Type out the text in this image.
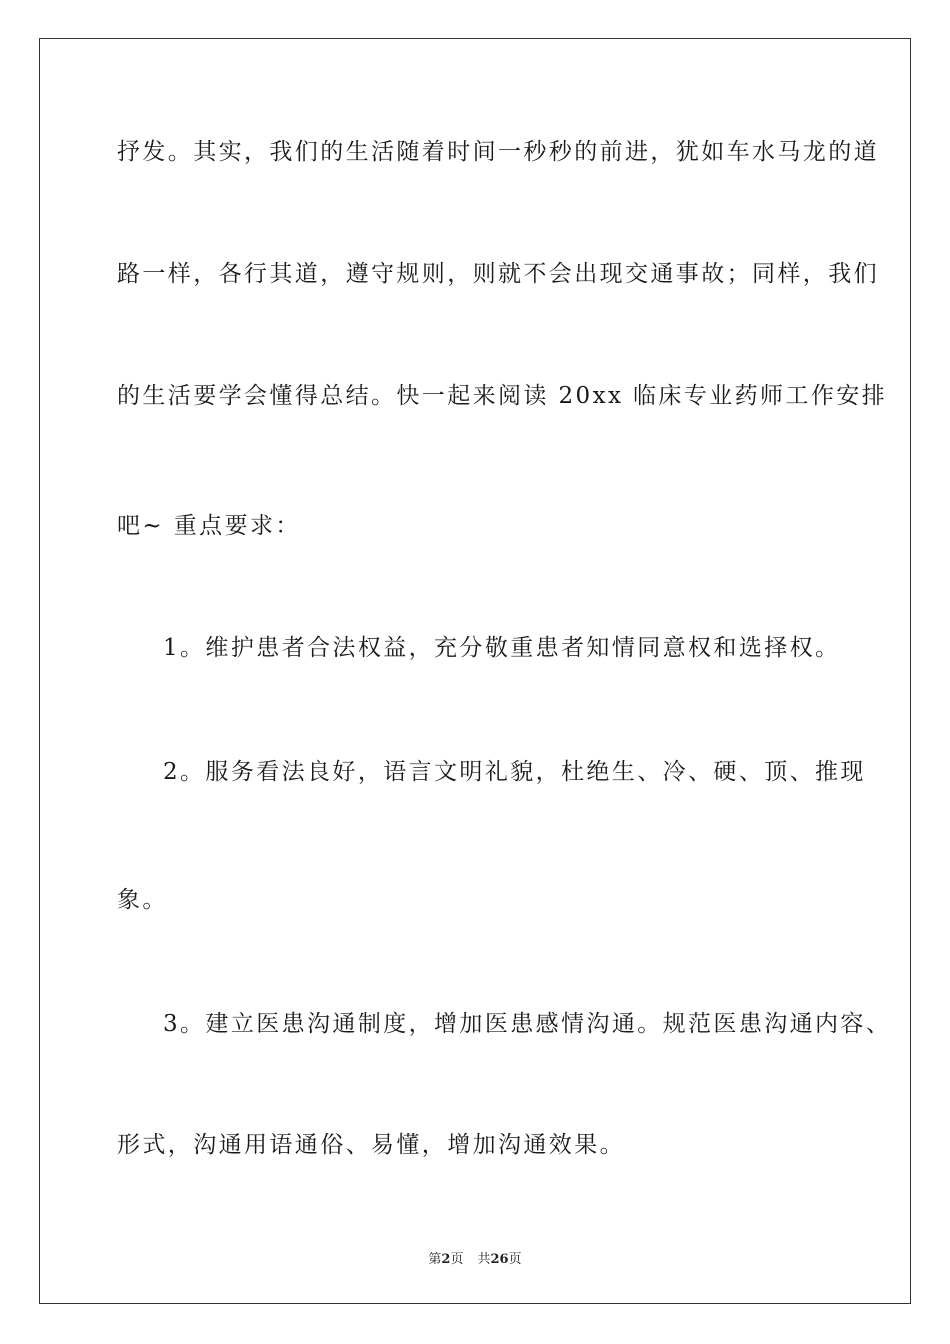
抒发。其实，我们的生活随着时间一秒秒的前进，犹如车水马龙的道
路一样，各行其道，遵守规则，则就不会出现交通事故；同样，我们
的生活要学会懂得总结。快一起来阅读 20xx 临床专业药师工作安排
吧~ 重点要求：
1。维护患者合法权益，充分敬重患者知情同意权和选择权。
2。服务看法良好，语言文明礼貌，杜绝生、冷、硬、顶、推现
象。
3。建立医患沟通制度，增加医患感情沟通。规范医患沟通内容、
形式，沟通用语通俗、易懂，增加沟通效果。
第2页 共26页
